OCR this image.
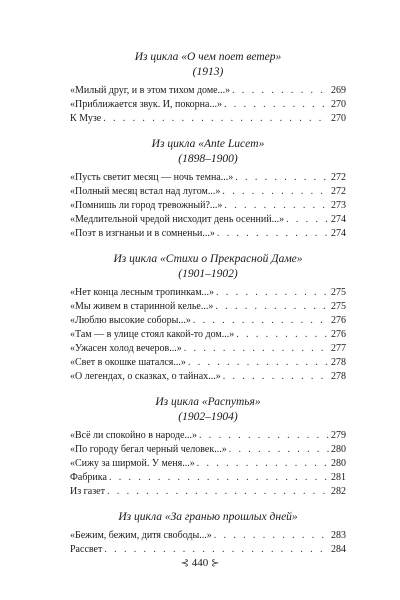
Из цикла «О чем поет ветер»
(1913)
«Милый друг, и в этом тихом доме...» . . .	269
«Приближается звук. И, покорна...» . . .	270
К Музе . . .	270
Из цикла «Ante Lucem»
(1898–1900)
«Пусть светит месяц — ночь темна...» . . .	272
«Полный месяц встал над лугом...» . . .	272
«Помнишь ли город тревожный?...» . . .	273
«Медлительной чредой нисходит день осенний...» . . .	274
«Поэт в изгнаньи и в сомненьи...» . . .	274
Из цикла «Стихи о Прекрасной Даме»
(1901–1902)
«Нет конца лесным тропинкам...» . . .	275
«Мы живем в старинной келье...» . . .	275
«Люблю высокие соборы...» . . .	276
«Там — в улице стоял какой-то дом...» . . .	276
«Ужасен холод вечеров...» . . .	277
«Свет в окошке шатался...» . . .	278
«О легендах, о сказках, о тайнах...» . . .	278
Из цикла «Распутья»
(1902–1904)
«Всё ли спокойно в народе...» . . .	279
«По городу бегал черный человек...» . . .	280
«Сижу за ширмой. У меня...» . . .	280
Фабрика . . .	281
Из газет . . .	282
Из цикла «За гранью прошлых дней»
«Бежим, бежим, дитя свободы...» . . .	283
Рассвет . . .	284
⊰ 440 ⊱
